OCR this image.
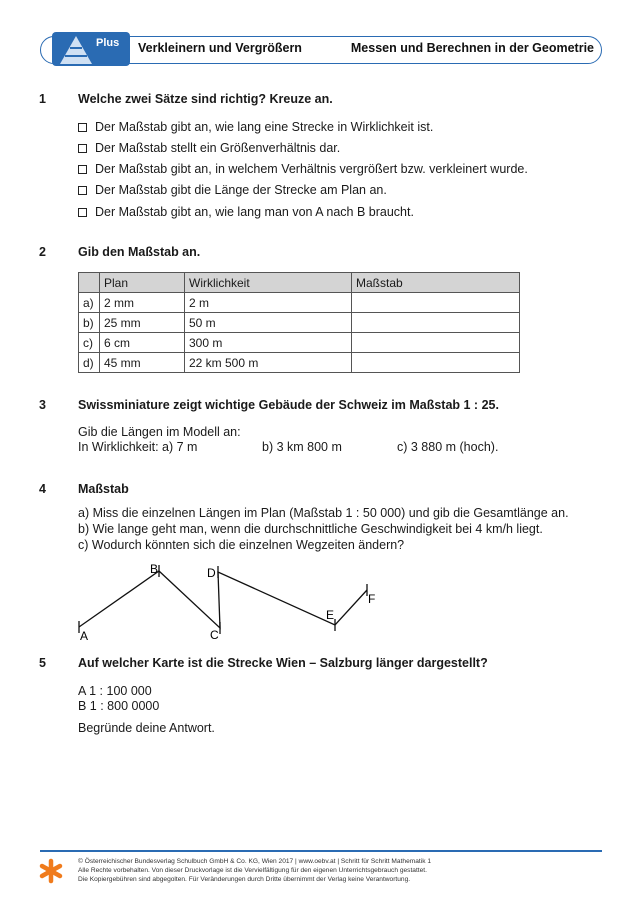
Plus Verkleinern und Vergrößern	Messen und Berechnen in der Geometrie
1	Welche zwei Sätze sind richtig? Kreuze an.
Der Maßstab gibt an, wie lang eine Strecke in Wirklichkeit ist.
Der Maßstab stellt ein Größenverhältnis dar.
Der Maßstab gibt an, in welchem Verhältnis vergrößert bzw. verkleinert wurde.
Der Maßstab gibt die Länge der Strecke am Plan an.
Der Maßstab gibt an, wie lang man von A nach B braucht.
2	Gib den Maßstab an.
	Plan	Wirklichkeit	Maßstab
a)	2 mm	2 m	
b)	25 mm	50 m	
c)	6 cm	300 m	
d)	45 mm	22 km 500 m	
3	Swissminiature zeigt wichtige Gebäude der Schweiz im Maßstab 1 : 25.
Gib die Längen im Modell an:
In Wirklichkeit: a) 7 m	b) 3 km 800 m	c) 3 880 m (hoch).
4	Maßstab
a) Miss die einzelnen Längen im Plan (Maßstab 1 : 50 000) und gib die Gesamtlänge an.
b) Wie lange geht man, wenn die durchschnittliche Geschwindigkeit bei 4 km/h liegt.
c) Wodurch könnten sich die einzelnen Wegzeiten ändern?
A
B
C
D
E
F
5	Auf welcher Karte ist die Strecke Wien – Salzburg länger dargestellt?
A 1 : 100 000
B 1 : 800 0000
Begründe deine Antwort.
© Österreichischer Bundesverlag Schulbuch GmbH & Co. KG, Wien 2017 | www.oebv.at | Schritt für Schritt Mathematik 1
Alle Rechte vorbehalten. Von dieser Druckvorlage ist die Vervielfältigung für den eigenen Unterrichtsgebrauch gestattet.
Die Kopiergebühren sind abgegolten. Für Veränderungen durch Dritte übernimmt der Verlag keine Verantwortung.
